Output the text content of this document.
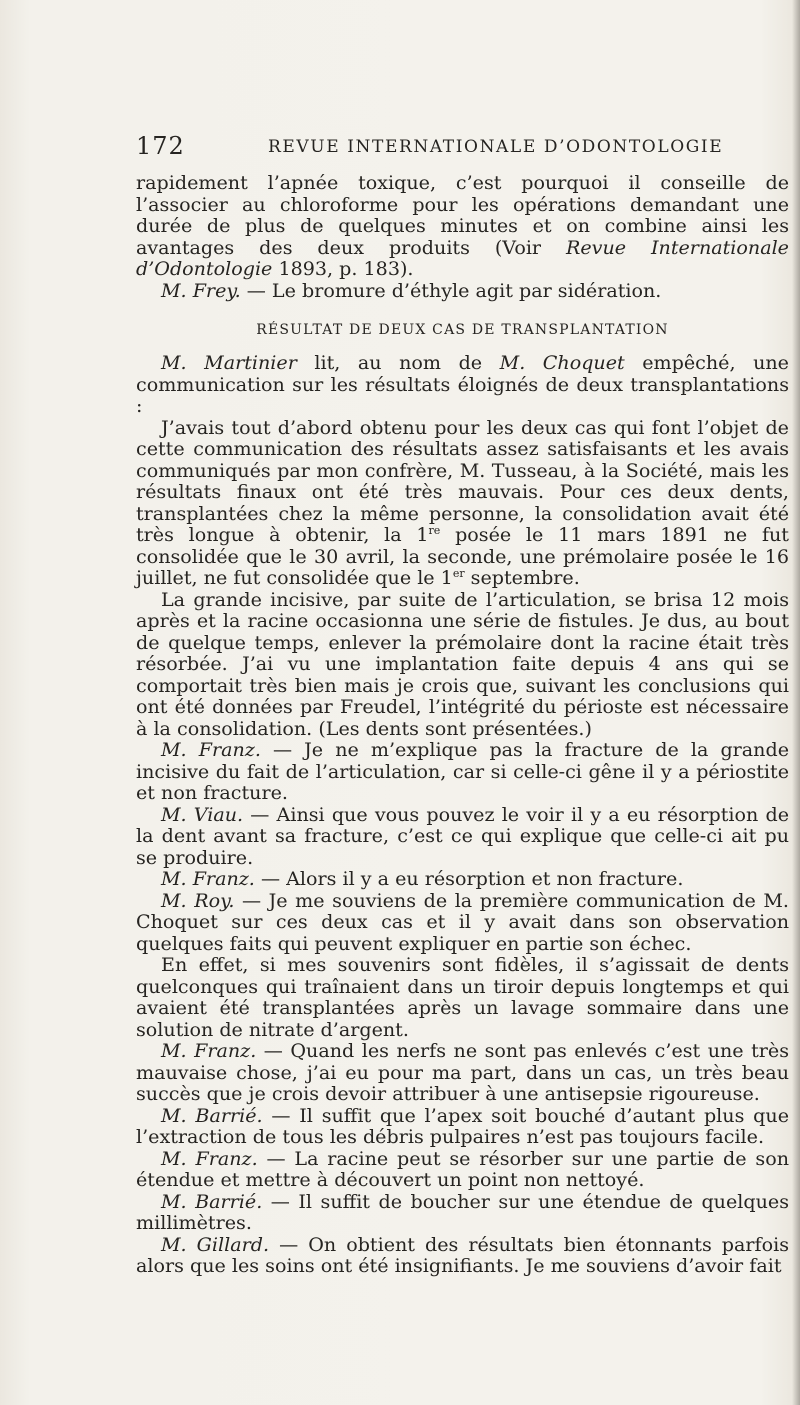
172	REVUE INTERNATIONALE D’ODONTOLOGIE

rapidement l’apnée toxique, c’est pourquoi il conseille de l’associer au chloroforme pour les opérations demandant une durée de plus de quelques minutes et on combine ainsi les avantages des deux produits (Voir Revue Internationale d’Odontologie 1893, p. 183).

M. Frey. — Le bromure d’éthyle agit par sidération.

RÉSULTAT DE DEUX CAS DE TRANSPLANTATION

M. Martinier lit, au nom de M. Choquet empêché, une communication sur les résultats éloignés de deux transplantations :

J’avais tout d’abord obtenu pour les deux cas qui font l’objet de cette communication des résultats assez satisfaisants et les avais communiqués par mon confrère, M. Tusseau, à la Société, mais les résultats finaux ont été très mauvais. Pour ces deux dents, transplantées chez la même personne, la consolidation avait été très longue à obtenir, la 1re posée le 11 mars 1891 ne fut consolidée que le 30 avril, la seconde, une prémolaire posée le 16 juillet, ne fut consolidée que le 1er septembre.

La grande incisive, par suite de l’articulation, se brisa 12 mois après et la racine occasionna une série de fistules. Je dus, au bout de quelque temps, enlever la prémolaire dont la racine était très résorbée. J’ai vu une implantation faite depuis 4 ans qui se comportait très bien mais je crois que, suivant les conclusions qui ont été données par Freudel, l’intégrité du périoste est nécessaire à la consolidation. (Les dents sont présentées.)

M. Franz. — Je ne m’explique pas la fracture de la grande incisive du fait de l’articulation, car si celle-ci gêne il y a périostite et non fracture.

M. Viau. — Ainsi que vous pouvez le voir il y a eu résorption de la dent avant sa fracture, c’est ce qui explique que celle-ci ait pu se produire.

M. Franz. — Alors il y a eu résorption et non fracture.

M. Roy. — Je me souviens de la première communication de M. Choquet sur ces deux cas et il y avait dans son observation quelques faits qui peuvent expliquer en partie son échec.

En effet, si mes souvenirs sont fidèles, il s’agissait de dents quelconques qui traînaient dans un tiroir depuis longtemps et qui avaient été transplantées après un lavage sommaire dans une solution de nitrate d’argent.

M. Franz. — Quand les nerfs ne sont pas enlevés c’est une très mauvaise chose, j’ai eu pour ma part, dans un cas, un très beau succès que je crois devoir attribuer à une antisepsie rigoureuse.

M. Barrié. — Il suffit que l’apex soit bouché d’autant plus que l’extraction de tous les débris pulpaires n’est pas toujours facile.

M. Franz. — La racine peut se résorber sur une partie de son étendue et mettre à découvert un point non nettoyé.

M. Barrié. — Il suffit de boucher sur une étendue de quelques millimètres.

M. Gillard. — On obtient des résultats bien étonnants parfois alors que les soins ont été insignifiants. Je me souviens d’avoir fait
